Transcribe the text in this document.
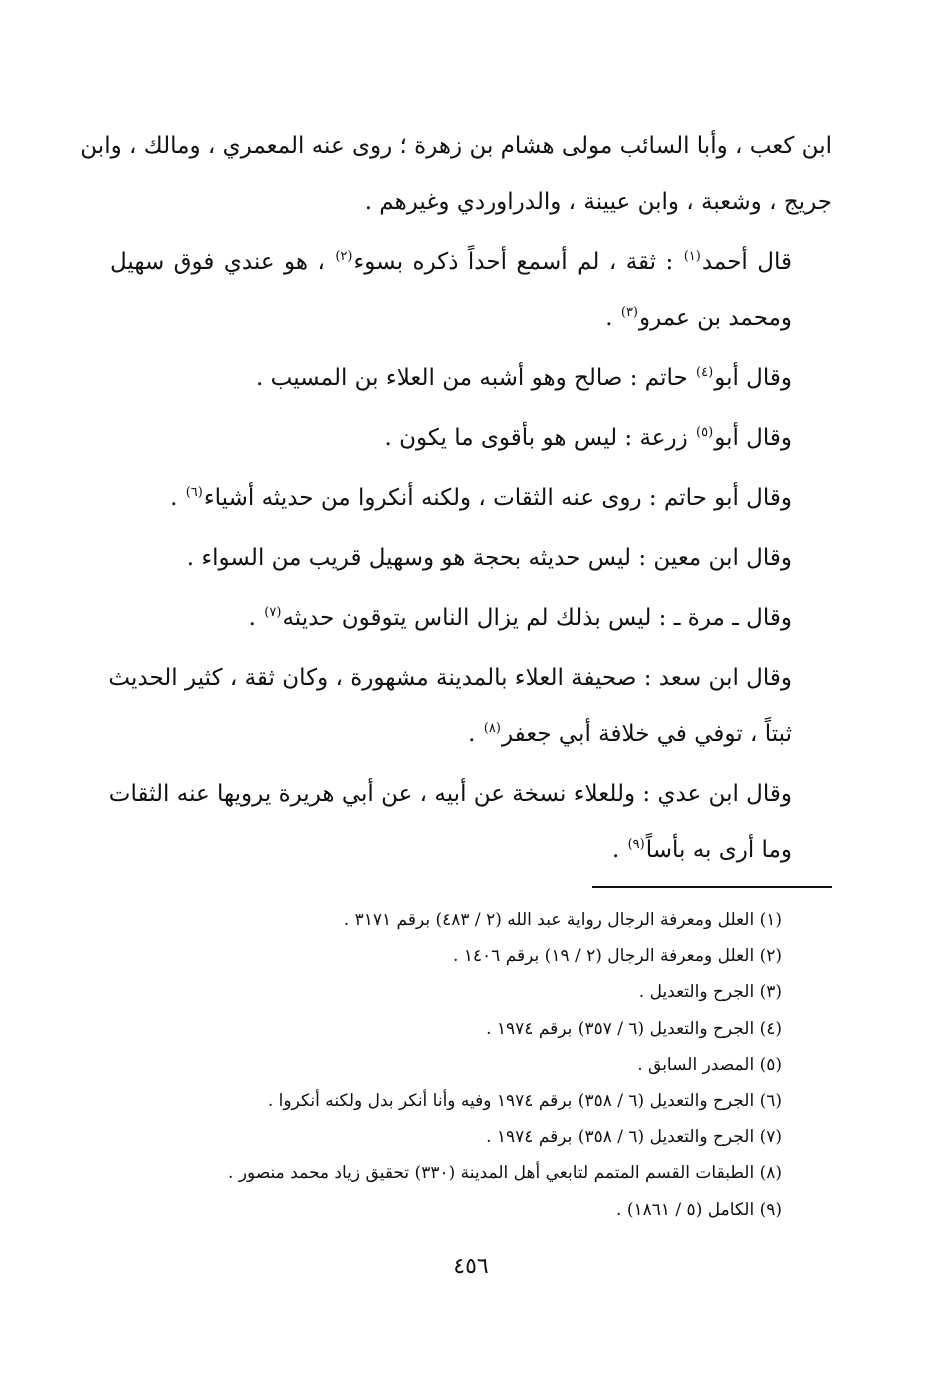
ابن كعب ، وأبا السائب مولى هشام بن زهرة ؛ روى عنه المعمري ، ومالك ، وابن
جريج ، وشعبة ، وابن عيينة ، والدراوردي وغيرهم .
قال أحمد$^{(١)}$ : ثقة ، لم أسمع أحداً ذكره بسوء$^{(٢)}$ ، هو عندي فوق سهيل
ومحمد بن عمرو$^{(٣)}$ .
وقال أبو$^{(٤)}$ حاتم : صالح وهو أشبه من العلاء بن المسيب .
وقال أبو$^{(٥)}$ زرعة : ليس هو بأقوى ما يكون .
وقال أبو حاتم : روى عنه الثقات ، ولكنه أنكروا من حديثه أشياء$^{(٦)}$ .
وقال ابن معين : ليس حديثه بحجة هو وسهيل قريب من السواء .
وقال ـ مرة ـ : ليس بذلك لم يزال الناس يتوقون حديثه$^{(٧)}$ .
وقال ابن سعد : صحيفة العلاء بالمدينة مشهورة ، وكان ثقة ، كثير الحديث
ثبتاً ، توفي في خلافة أبي جعفر$^{(٨)}$ .
وقال ابن عدي : وللعلاء نسخة عن أبيه ، عن أبي هريرة يرويها عنه الثقات
وما أرى به بأساً$^{(٩)}$ .
(١) العلل ومعرفة الرجال رواية عبد الله (٢ / ٤٨٣) برقم ٣١٧١ .
(٢) العلل ومعرفة الرجال (٢ / ١٩) برقم ١٤٠٦ .
(٣) الجرح والتعديل .
(٤) الجرح والتعديل (٦ / ٣٥٧) برقم ١٩٧٤ .
(٥) المصدر السابق .
(٦) الجرح والتعديل (٦ / ٣٥٨) برقم ١٩٧٤ وفيه وأنا أنكر بدل ولكنه أنكروا .
(٧) الجرح والتعديل (٦ / ٣٥٨) برقم ١٩٧٤ .
(٨) الطبقات القسم المتمم لتابعي أهل المدينة (٣٣٠) تحقيق زياد محمد منصور .
(٩) الكامل (٥ / ١٨٦١) .
٤٥٦
